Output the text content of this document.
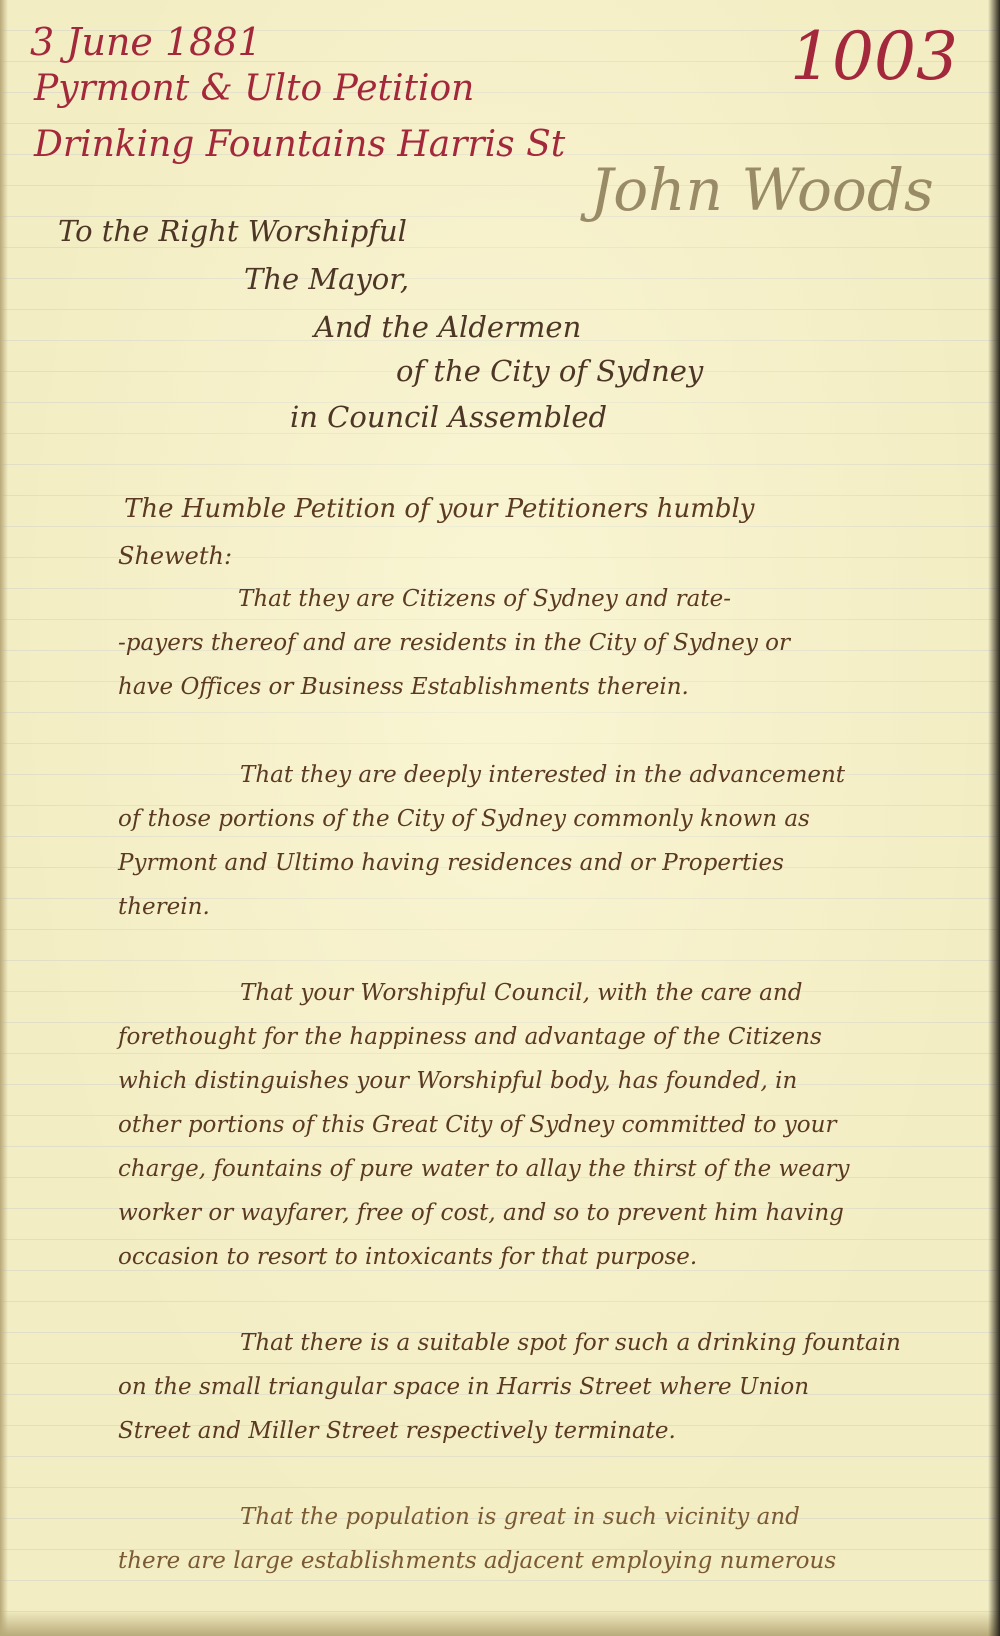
3 June 1881
Pyrmont & Ulto Petition
Drinking Fountains Harris St
1003
John Woods
To the Right Worshipful
The Mayor,
And the Aldermen
of the City of Sydney
in Council Assembled
The Humble Petition of your Petitioners humbly
Sheweth:
That they are Citizens of Sydney and rate-
-payers thereof and are residents in the City of Sydney or
have Offices or Business Establishments therein.
That they are deeply interested in the advancement
of those portions of the City of Sydney commonly known as
Pyrmont and Ultimo having residences and or Properties
therein.
That your Worshipful Council, with the care and
forethought for the happiness and advantage of the Citizens
which distinguishes your Worshipful body, has founded, in
other portions of this Great City of Sydney committed to your
charge, fountains of pure water to allay the thirst of the weary
worker or wayfarer, free of cost, and so to prevent him having
occasion to resort to intoxicants for that purpose.
That there is a suitable spot for such a drinking fountain
on the small triangular space in Harris Street where Union
Street and Miller Street respectively terminate.
That the population is great in such vicinity and
there are large establishments adjacent employing numerous
